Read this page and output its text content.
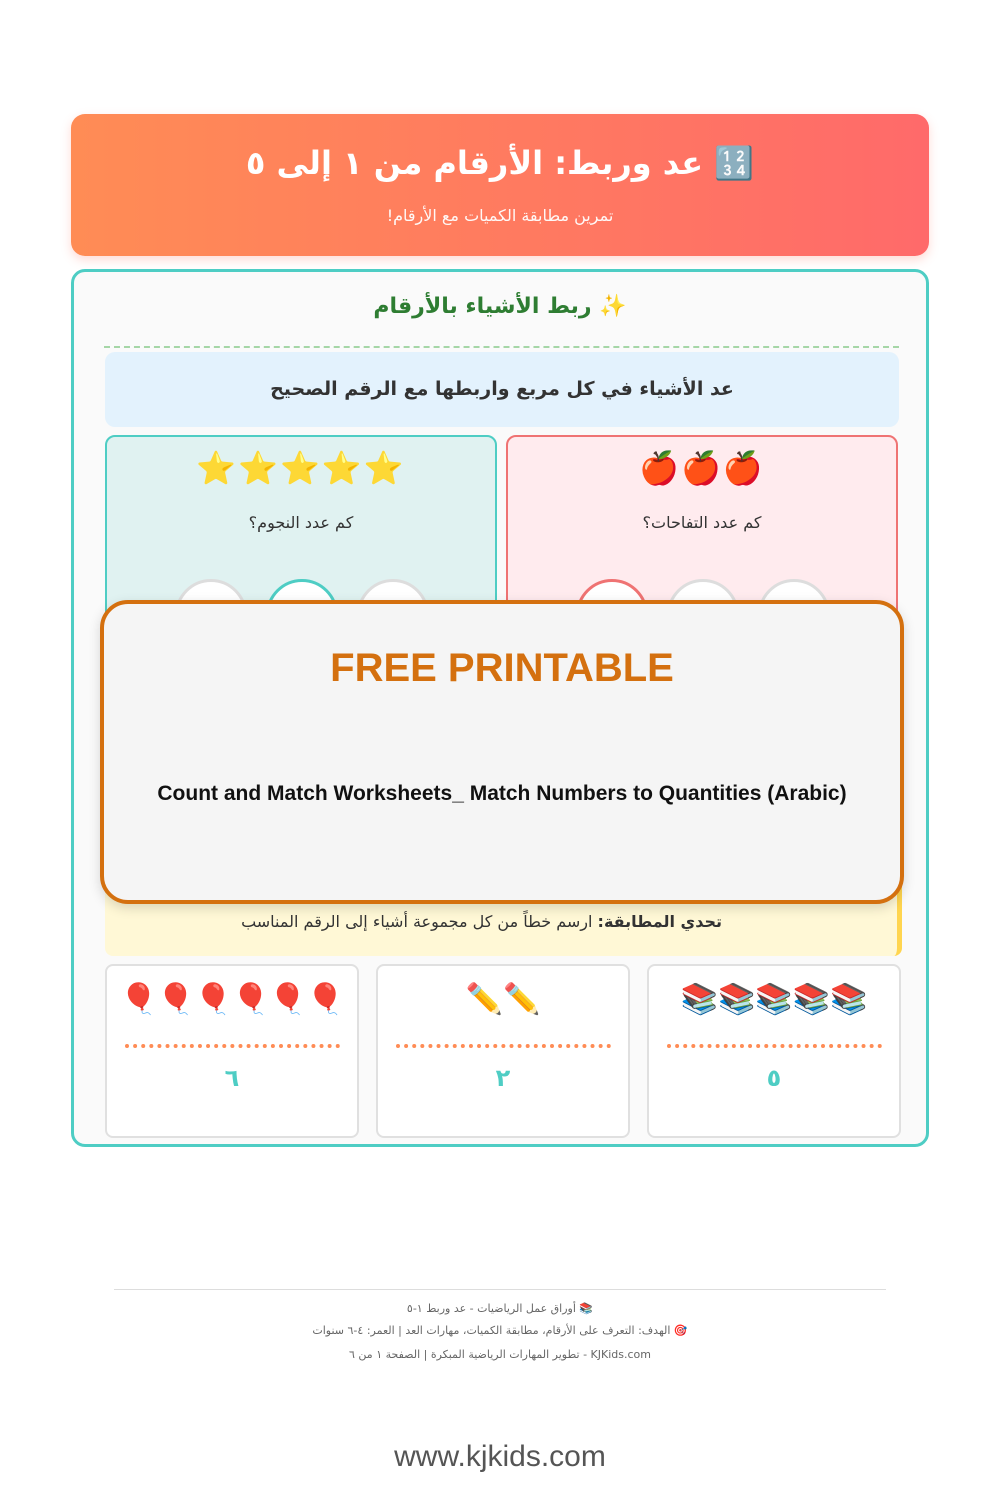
🔢 عد وربط: الأرقام من ١ إلى ٥
تمرين مطابقة الكميات مع الأرقام!
✨ ربط الأشياء بالأرقام
عد الأشياء في كل مربع واربطها مع الرقم الصحيح
⭐⭐⭐⭐⭐
كم عدد النجوم؟
🍎🍎🍎
كم عدد التفاحات؟
تحدي المطابقة: ارسم خطاً من كل مجموعة أشياء إلى الرقم المناسب
🎈🎈🎈🎈🎈🎈
٦
✏️✏️
٢
📚📚📚📚📚
٥
FREE PRINTABLE
Count and Match Worksheets_ Match Numbers to Quantities (Arabic)
📚 أوراق عمل الرياضيات - عد وربط ١-٥
🎯 الهدف: التعرف على الأرقام، مطابقة الكميات، مهارات العد | العمر: ٤-٦ سنوات
KJKids.com - تطوير المهارات الرياضية المبكرة | الصفحة ١ من ٦
www.kjkids.com
